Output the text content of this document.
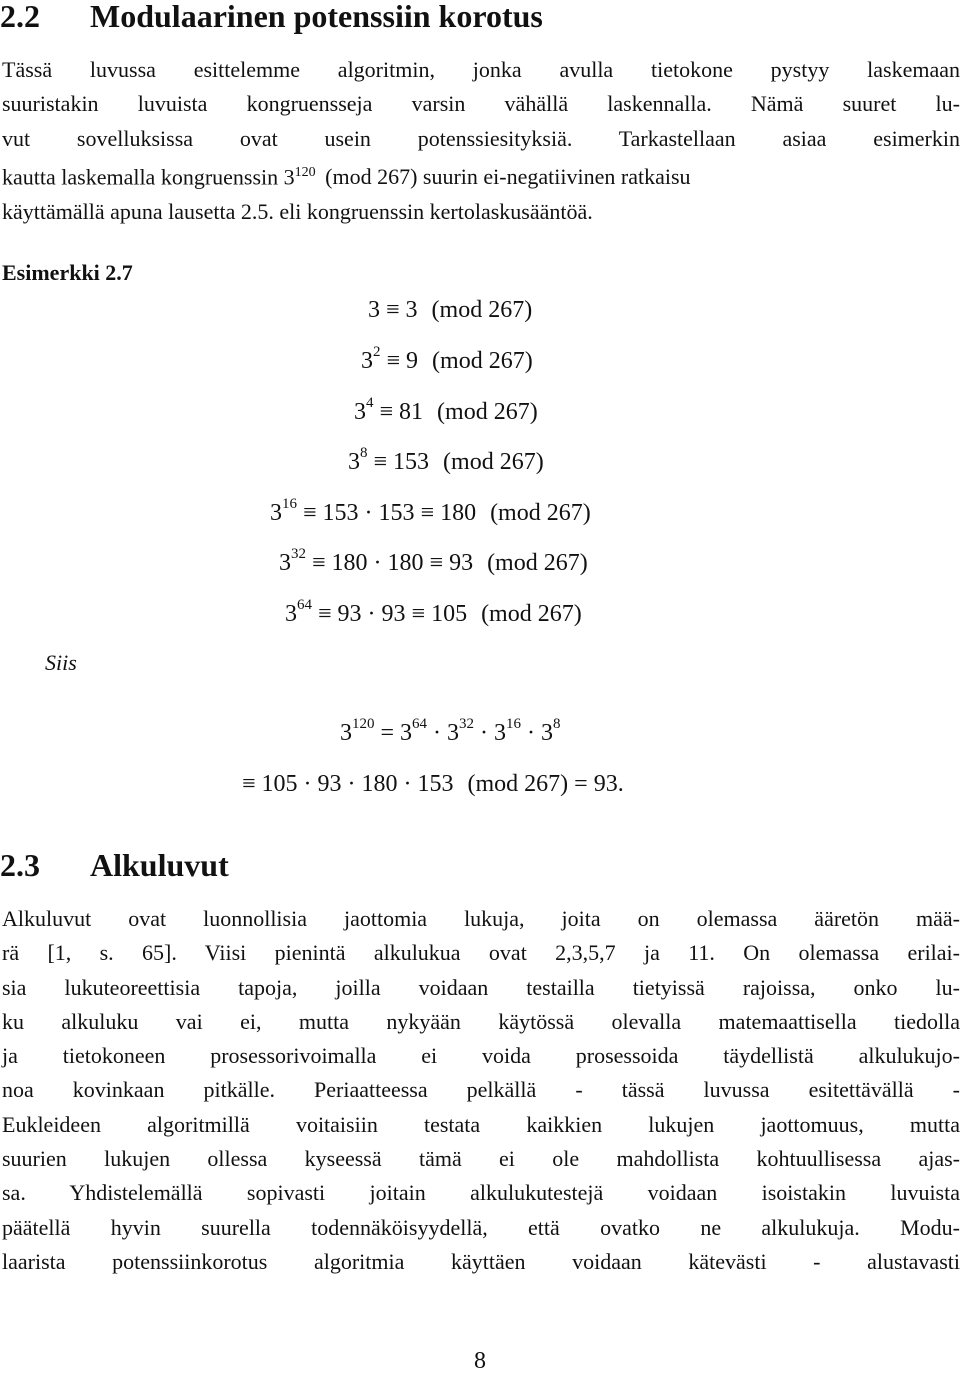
2.2 Modulaarinen potenssiin korotus
Tässä luvussa esittelemme algoritmin, jonka avulla tietokone pystyy laskemaan
suuristakin luvuista kongruensseja varsin vähällä laskennalla. Nämä suuret lu-
vut sovelluksissa ovat usein potenssiesityksiä. Tarkastellaan asiaa esimerkin
kautta laskemalla kongruenssin $3^{120}$ (mod 267) suurin ei-negatiivinen ratkaisu
käyttämällä apuna lausetta 2.5. eli kongruenssin kertolaskusääntöä.
Esimerkki 2.7
3 ≡ 3 (mod 267)
$3^2 \equiv 9$ (mod 267)
$3^4 \equiv 81$ (mod 267)
$3^8 \equiv 153$ (mod 267)
$3^{16} \equiv 153 \cdot 153 \equiv 180$ (mod 267)
$3^{32} \equiv 180 \cdot 180 \equiv 93$ (mod 267)
$3^{64} \equiv 93 \cdot 93 \equiv 105$ (mod 267)
Siis
$3^{120} = 3^{64} \cdot 3^{32} \cdot 3^{16} \cdot 3^8$
≡ 105 · 93 · 180 · 153 (mod 267) = 93.
2.3 Alkuluvut
Alkuluvut ovat luonnollisia jaottomia lukuja, joita on olemassa ääretön mää-
rä [1, s. 65]. Viisi pienintä alkulukua ovat 2,3,5,7 ja 11. On olemassa erilai-
sia lukuteoreettisia tapoja, joilla voidaan testailla tietyissä rajoissa, onko lu-
ku alkuluku vai ei, mutta nykyään käytössä olevalla matemaattisella tiedolla
ja tietokoneen prosessorivoimalla ei voida prosessoida täydellistä alkulukujo-
noa kovinkaan pitkälle. Periaatteessa pelkällä - tässä luvussa esitettävällä -
Eukleideen algoritmillä voitaisiin testata kaikkien lukujen jaottomuus, mutta
suurien lukujen ollessa kyseessä tämä ei ole mahdollista kohtuullisessa ajas-
sa. Yhdistelemällä sopivasti joitain alkulukutestejä voidaan isoistakin luvuista
päätellä hyvin suurella todennäköisyydellä, että ovatko ne alkulukuja. Modu-
laarista potenssiinkorotus algoritmia käyttäen voidaan kätevästi - alustavasti
8
